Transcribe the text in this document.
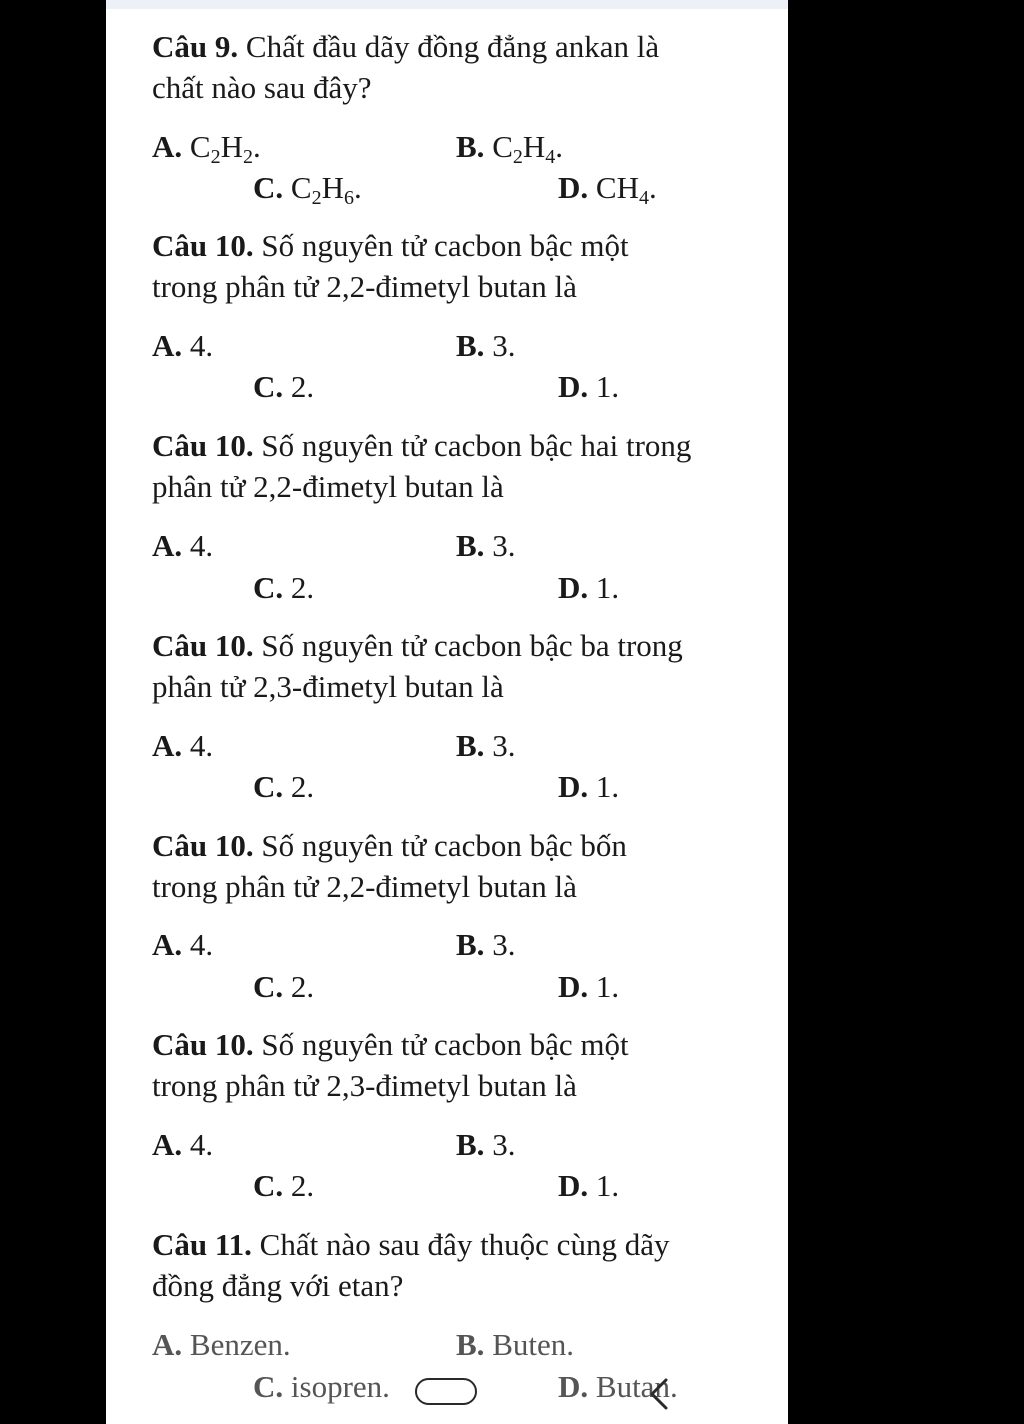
Câu 9. Chất đầu dãy đồng đẳng ankan là
chất nào sau đây?
A. $C_2H_2$.	B. $C_2H_4$.
C. $C_2H_6$.	D. $CH_4$.
Câu 10. Số nguyên tử cacbon bậc một
trong phân tử 2,2-đimetyl butan là
A. 4.	B. 3.
C. 2.	D. 1.
Câu 10. Số nguyên tử cacbon bậc hai trong
phân tử 2,2-đimetyl butan là
A. 4.	B. 3.
C. 2.	D. 1.
Câu 10. Số nguyên tử cacbon bậc ba trong
phân tử 2,3-đimetyl butan là
A. 4.	B. 3.
C. 2.	D. 1.
Câu 10. Số nguyên tử cacbon bậc bốn
trong phân tử 2,2-đimetyl butan là
A. 4.	B. 3.
C. 2.	D. 1.
Câu 10. Số nguyên tử cacbon bậc một
trong phân tử 2,3-đimetyl butan là
A. 4.	B. 3.
C. 2.	D. 1.
Câu 11. Chất nào sau đây thuộc cùng dãy
đồng đẳng với etan?
A. Benzen.	B. Buten.
C. isopren.	D. Butan.
